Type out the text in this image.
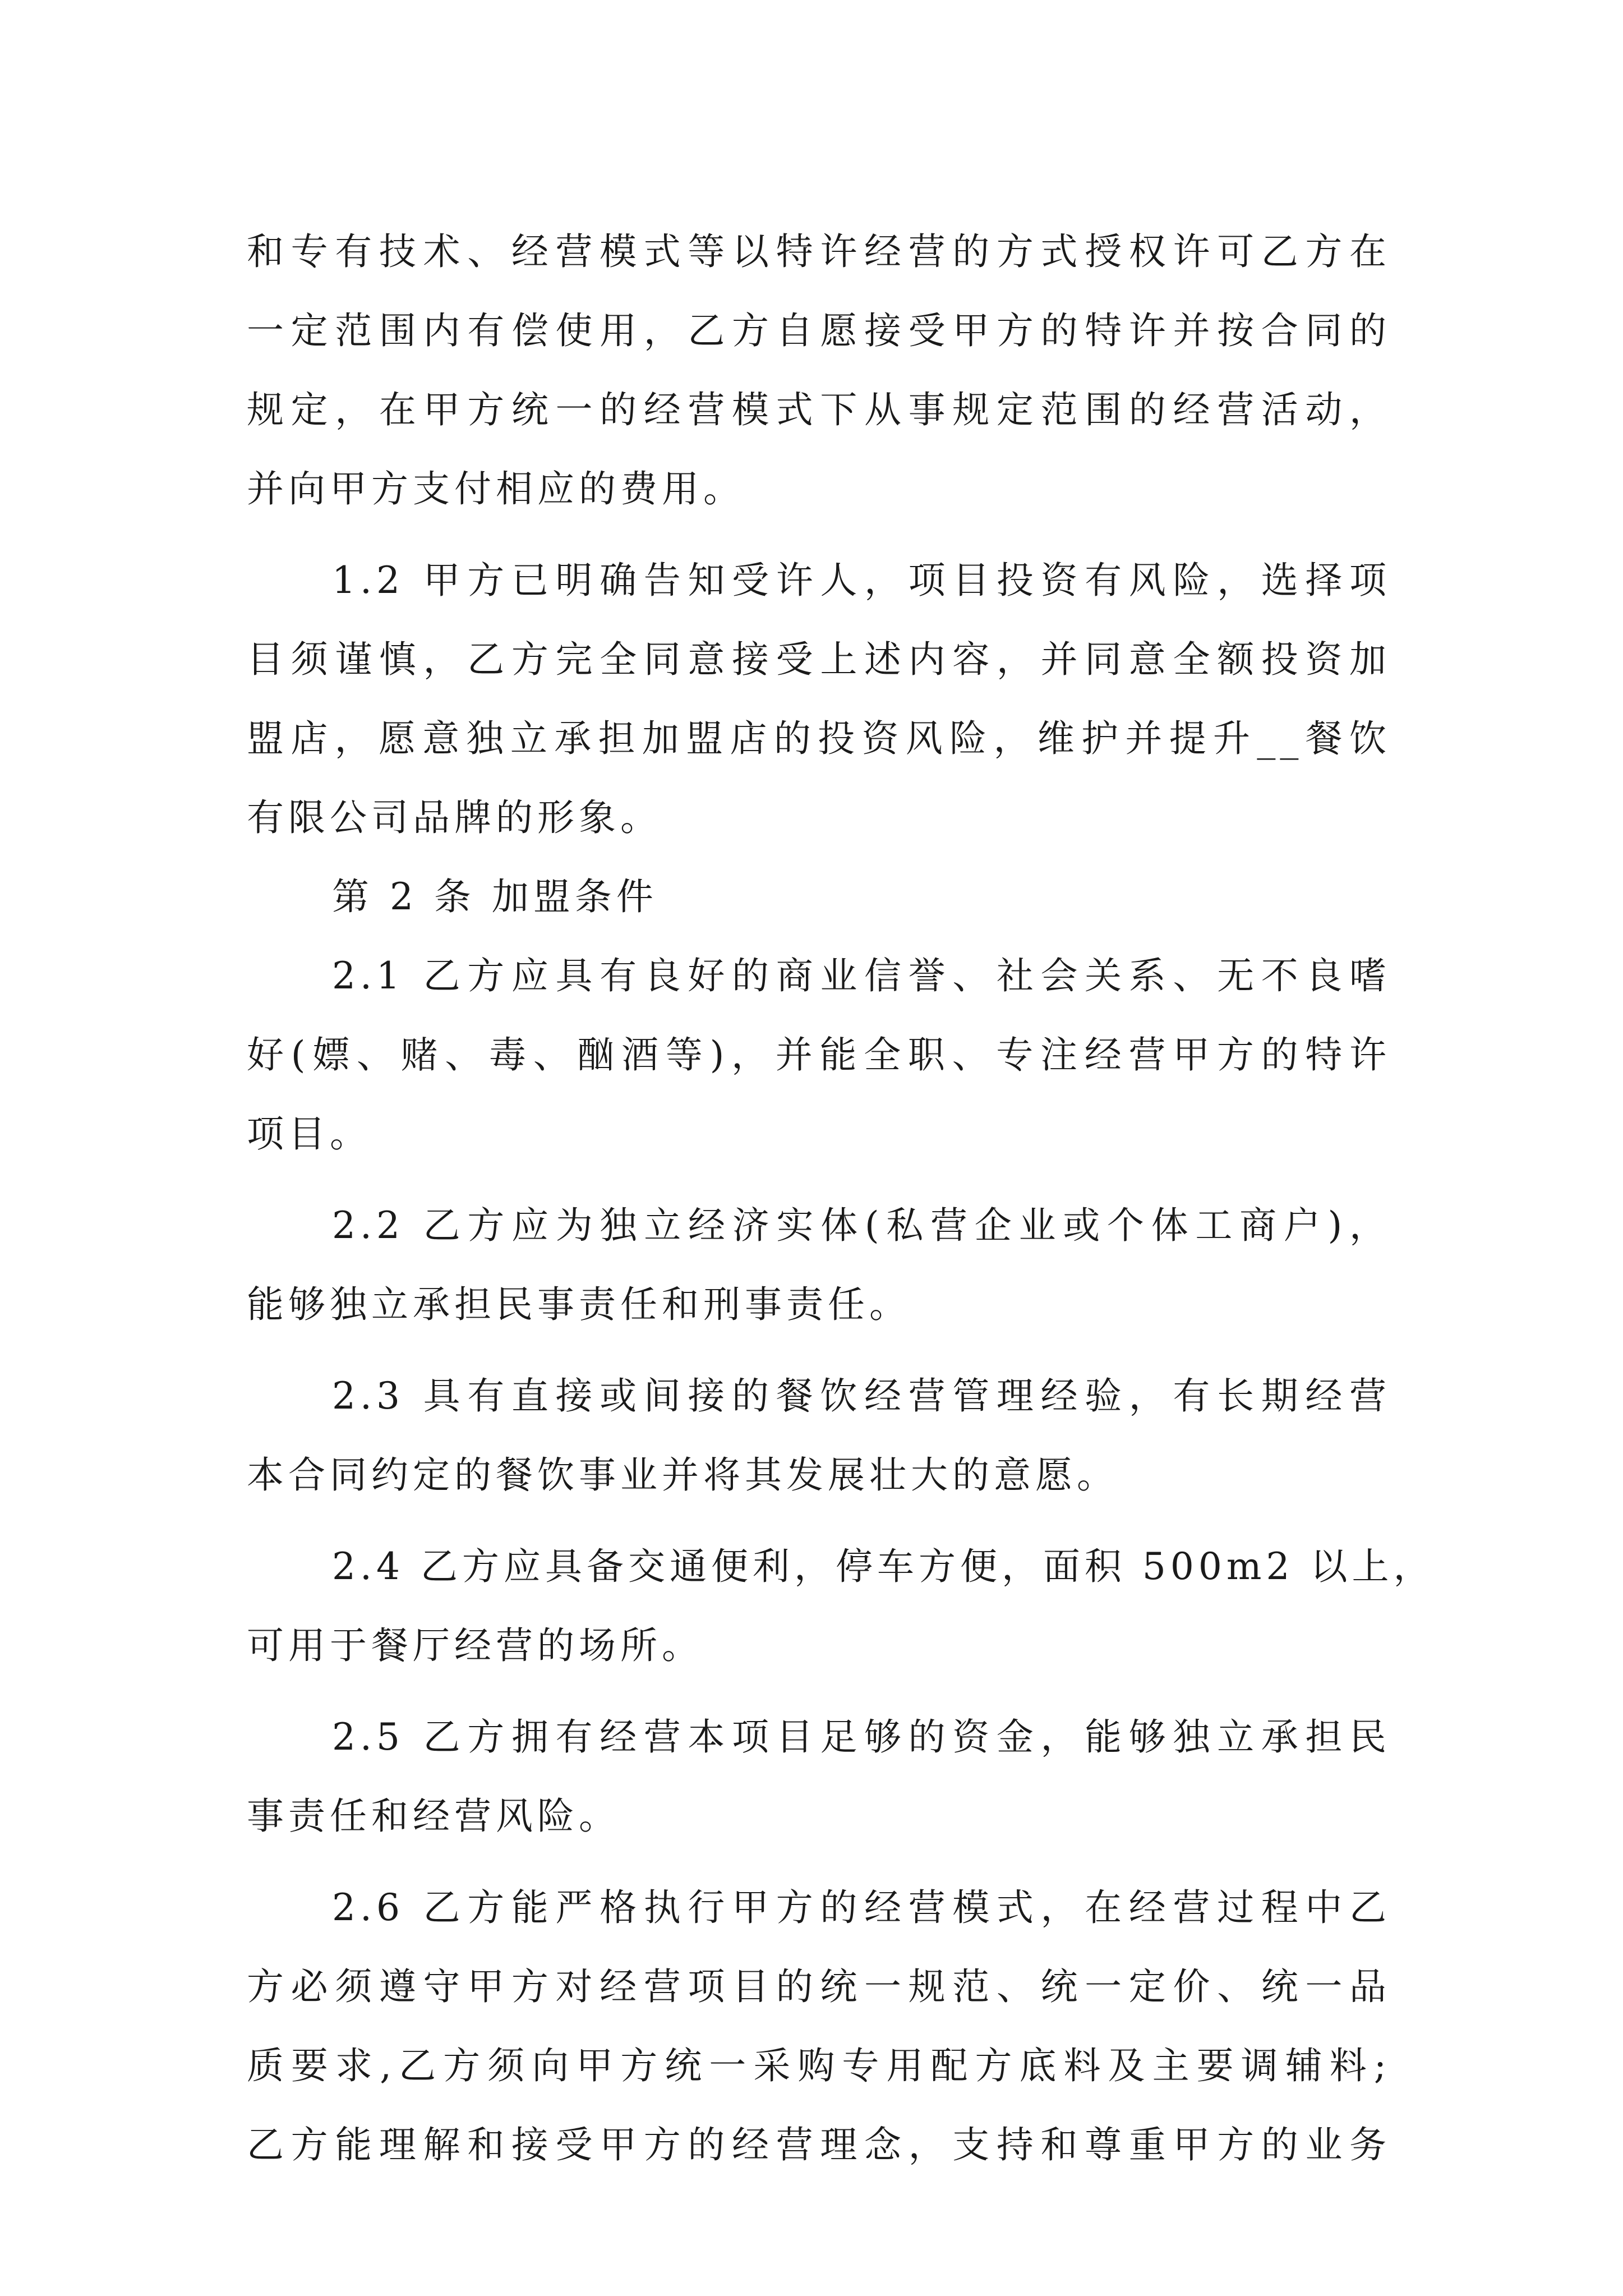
和专有技术、经营模式等以特许经营的方式授权许可乙方在
一定范围内有偿使用，乙方自愿接受甲方的特许并按合同的
规定，在甲方统一的经营模式下从事规定范围的经营活动，
并向甲方支付相应的费用。
1.2 甲方已明确告知受许人，项目投资有风险，选择项
目须谨慎，乙方完全同意接受上述内容，并同意全额投资加
盟店，愿意独立承担加盟店的投资风险，维护并提升__餐饮
有限公司品牌的形象。
第 2 条 加盟条件
2.1 乙方应具有良好的商业信誉、社会关系、无不良嗜
好(嫖、赌、毒、酗酒等)，并能全职、专注经营甲方的特许
项目。
2.2 乙方应为独立经济实体(私营企业或个体工商户)，
能够独立承担民事责任和刑事责任。
2.3 具有直接或间接的餐饮经营管理经验，有长期经营
本合同约定的餐饮事业并将其发展壮大的意愿。
2.4 乙方应具备交通便利，停车方便，面积 500m2 以上，
可用于餐厅经营的场所。
2.5 乙方拥有经营本项目足够的资金，能够独立承担民
事责任和经营风险。
2.6 乙方能严格执行甲方的经营模式，在经营过程中乙
方必须遵守甲方对经营项目的统一规范、统一定价、统一品
质要求,乙方须向甲方统一采购专用配方底料及主要调辅料;
乙方能理解和接受甲方的经营理念，支持和尊重甲方的业务
